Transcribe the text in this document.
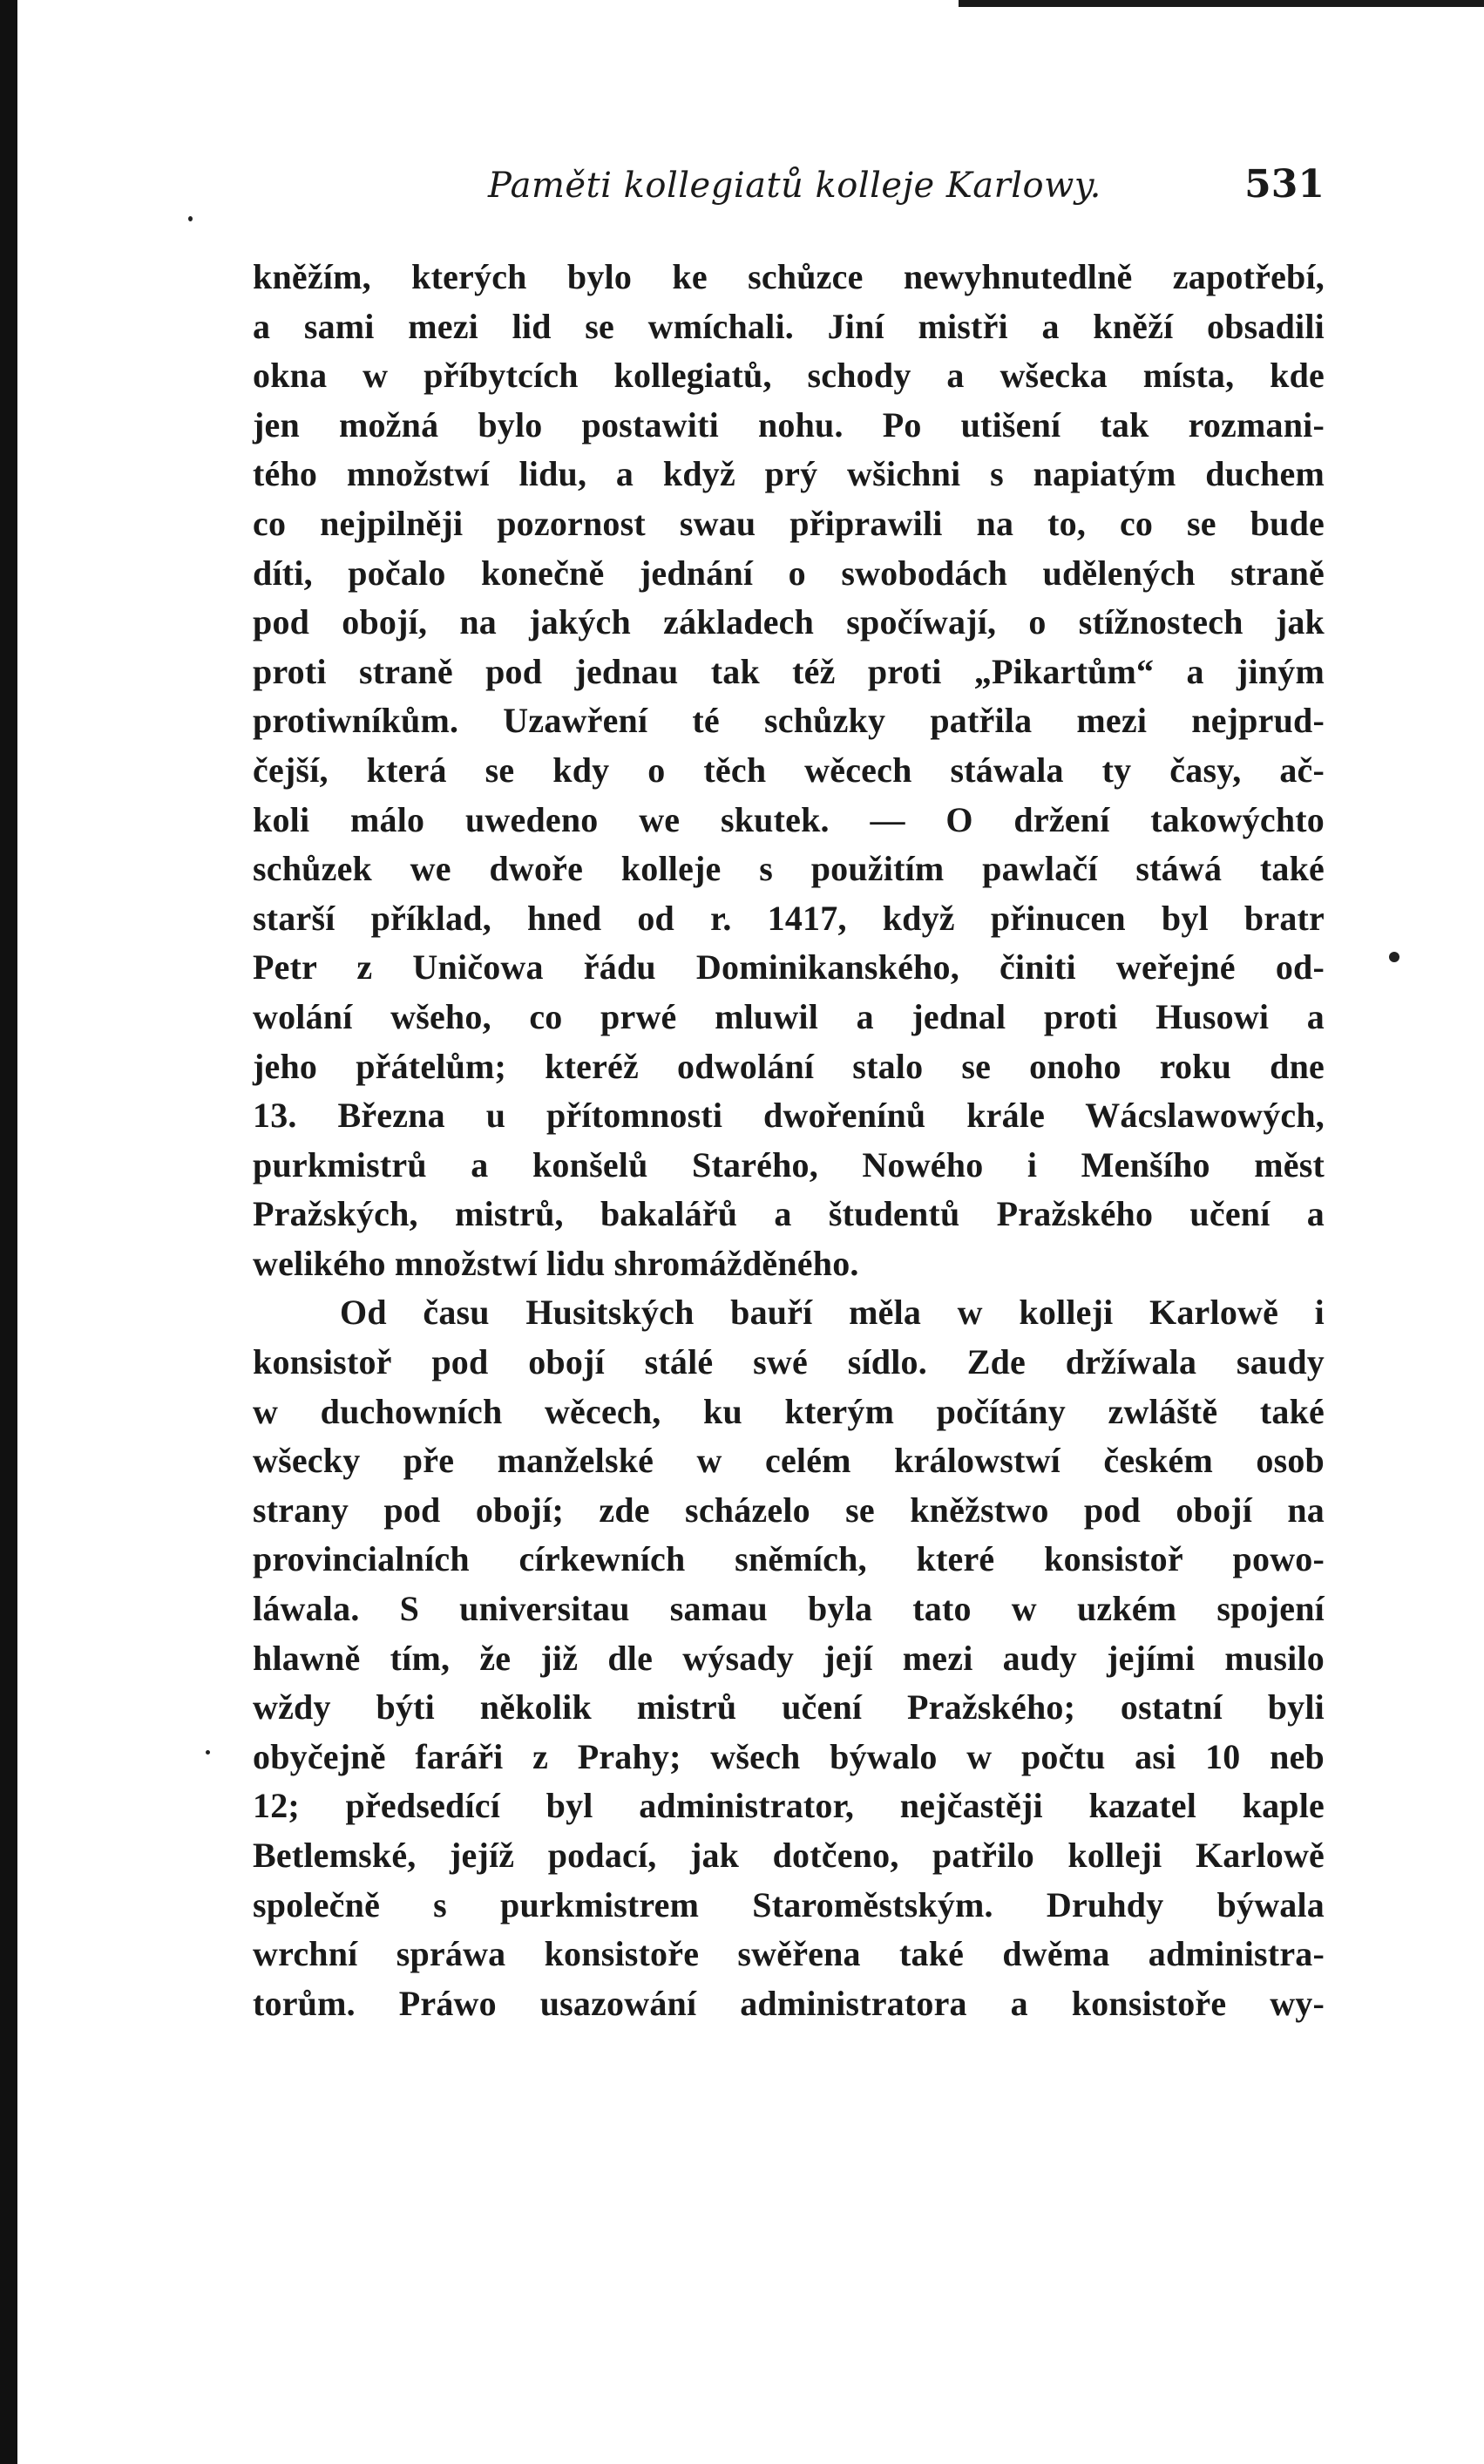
Paměti kollegiatů kolleje Karlowy.	531
kněžím, kterých bylo ke schůzce newyhnutedlně zapotřebí,
a sami mezi lid se wmíchali. Jiní mistři a kněží obsadili
okna w příbytcích kollegiatů, schody a wšecka místa, kde
jen možná bylo postawiti nohu. Po utišení tak rozmani-
tého množstwí lidu, a když prý wšichni s napiatým duchem
co nejpilněji pozornost swau připrawili na to, co se bude
díti, počalo konečně jednání o swobodách udělených straně
pod obojí, na jakých základech spočíwají, o stížnostech jak
proti straně pod jednau tak též proti „Pikartům“ a jiným
protiwníkům. Uzawření té schůzky patřila mezi nejprud-
čejší, která se kdy o těch wěcech stáwala ty časy, ač-
koli málo uwedeno we skutek. — O držení takowýchto
schůzek we dwoře kolleje s použitím pawlačí stáwá také
starší příklad, hned od r. 1417, když přinucen byl bratr
Petr z Uničowa řádu Dominikanského, činiti weřejné od-
wolání wšeho, co prwé mluwil a jednal proti Husowi a
jeho přátelům; kteréž odwolání stalo se onoho roku dne
13. Března u přítomnosti dwořenínů krále Wácslawowých,
purkmistrů a konšelů Starého, Nowého i Menšího měst
Pražských, mistrů, bakalářů a študentů Pražského učení a
welikého množstwí lidu shromážděného.
Od času Husitských bauří měla w kolleji Karlowě i
konsistoř pod obojí stálé swé sídlo. Zde držíwala saudy
w duchowních wěcech, ku kterým počítány zwláště také
wšecky pře manželské w celém králowstwí českém osob
strany pod obojí; zde scházelo se kněžstwo pod obojí na
provincialních církewních sněmích, které konsistoř powo-
láwala. S universitau samau byla tato w uzkém spojení
hlawně tím, že již dle wýsady její mezi audy jejími musilo
wždy býti několik mistrů učení Pražského; ostatní byli
obyčejně faráři z Prahy; wšech býwalo w počtu asi 10 neb
12; předsedící byl administrator, nejčastěji kazatel kaple
Betlemské, jejíž podací, jak dotčeno, patřilo kolleji Karlowě
společně s purkmistrem Staroměstským. Druhdy býwala
wrchní spráwa konsistoře swěřena také dwěma administra-
torům. Práwo usazowání administratora a konsistoře wy-
